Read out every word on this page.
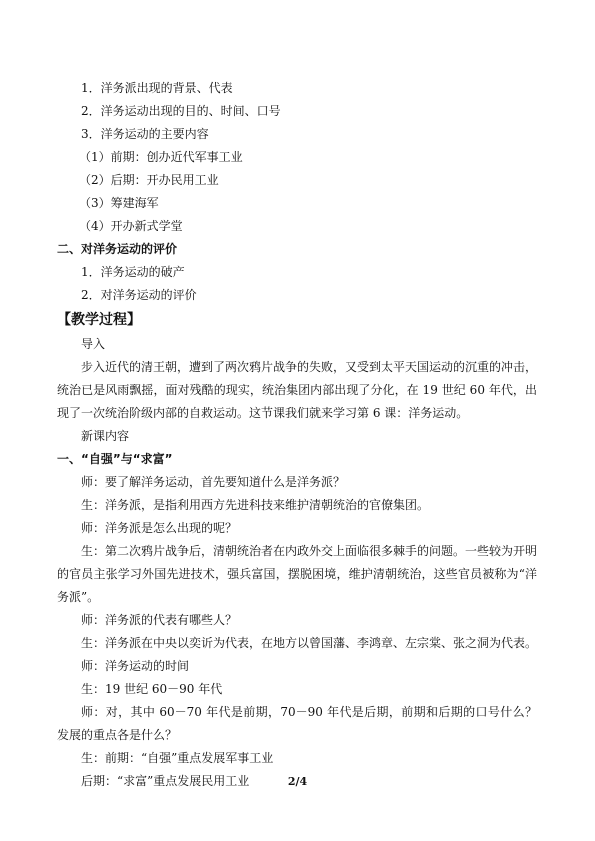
1．洋务派出现的背景、代表
2．洋务运动出现的目的、时间、口号
3．洋务运动的主要内容
（1）前期：创办近代军事工业
（2）后期：开办民用工业
（3）筹建海军
（4）开办新式学堂
二、对洋务运动的评价
1．洋务运动的破产
2．对洋务运动的评价
【教学过程】
导入
步入近代的清王朝，遭到了两次鸦片战争的失败，又受到太平天国运动的沉重的冲击，统治已是风雨飘摇，面对残酷的现实，统治集团内部出现了分化，在 19 世纪 60 年代，出现了一次统治阶级内部的自救运动。这节课我们就来学习第 6 课：洋务运动。
新课内容
一、“自强”与“求富”
师：要了解洋务运动，首先要知道什么是洋务派？
生：洋务派，是指利用西方先进科技来维护清朝统治的官僚集团。
师：洋务派是怎么出现的呢？
生：第二次鸦片战争后，清朝统治者在内政外交上面临很多棘手的问题。一些较为开明的官员主张学习外国先进技术，强兵富国，摆脱困境，维护清朝统治，这些官员被称为“洋务派”。
师：洋务派的代表有哪些人？
生：洋务派在中央以奕䜣为代表，在地方以曾国藩、李鸿章、左宗棠、张之洞为代表。
师：洋务运动的时间
生：19 世纪 60－90 年代
师：对，其中 60－70 年代是前期，70－90 年代是后期，前期和后期的口号什么？发展的重点各是什么？
生：前期：“自强”重点发展军事工业
后期：“求富”重点发展民用工业	2/4
